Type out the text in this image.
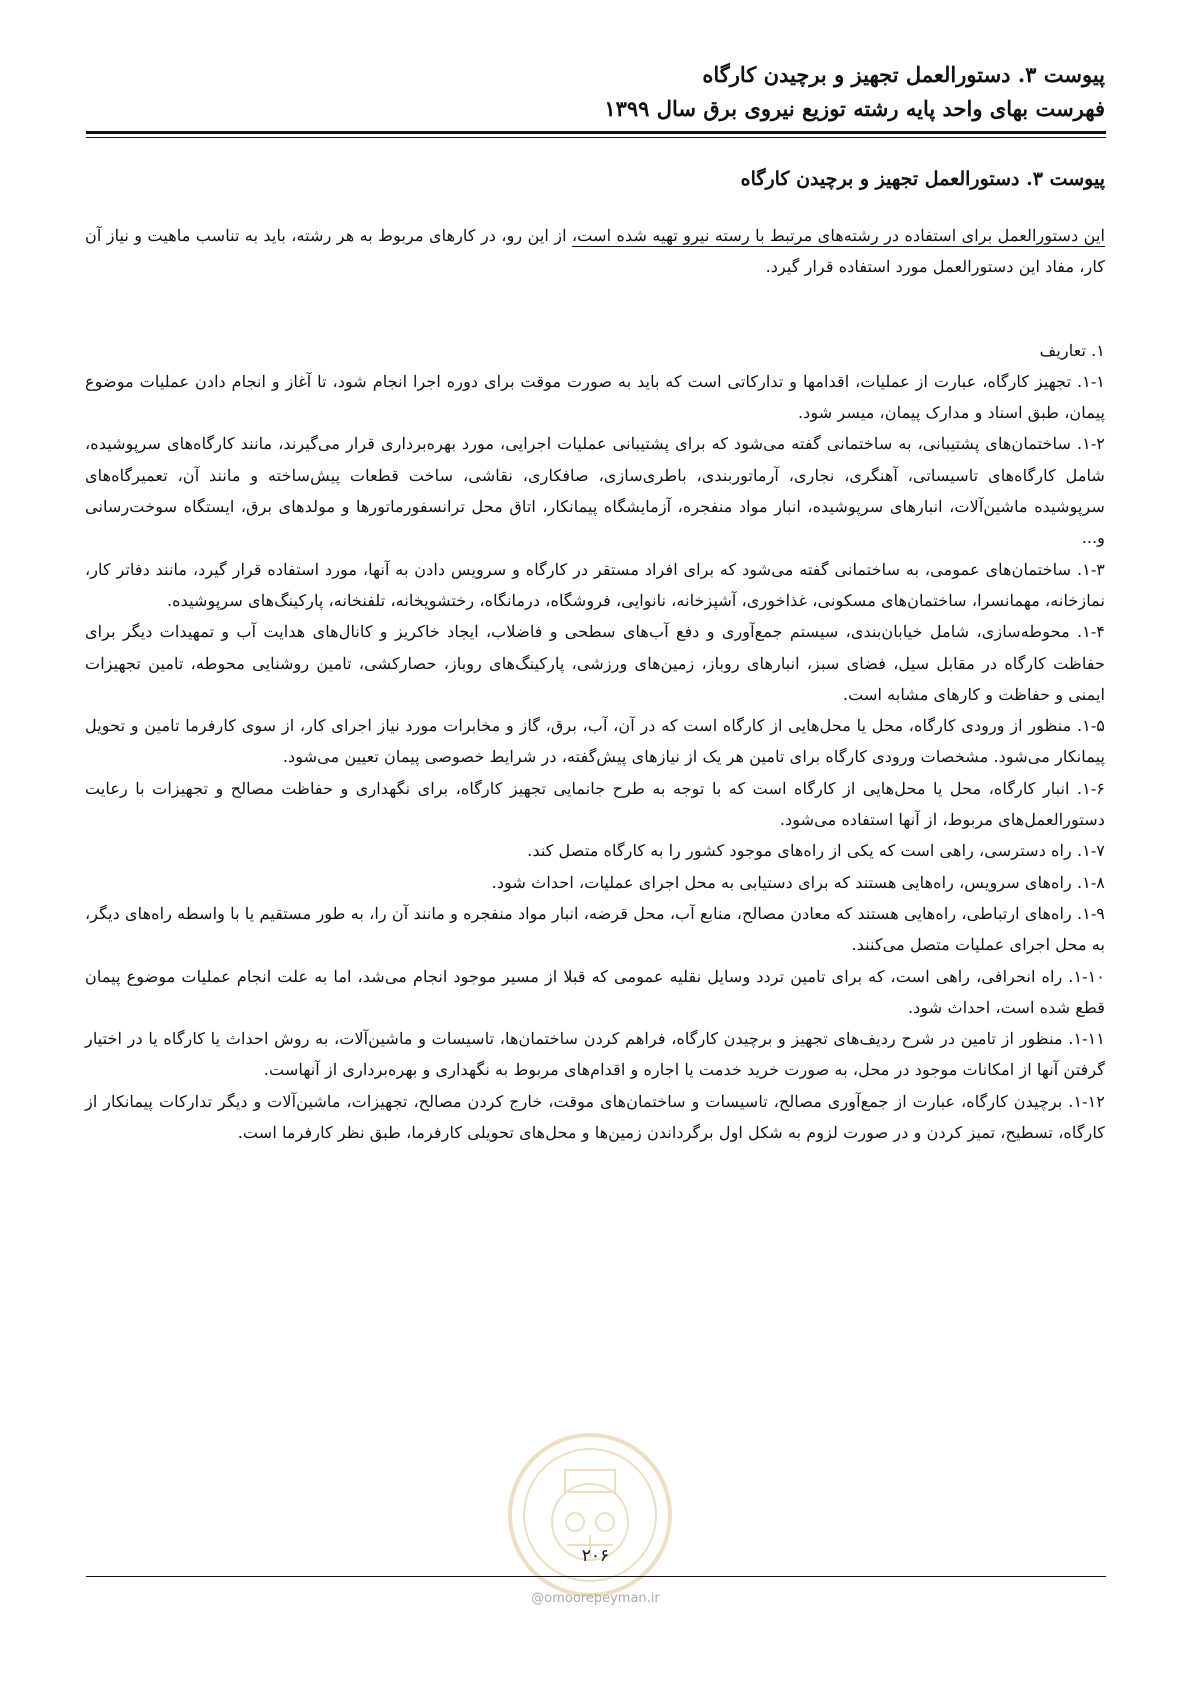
پیوست ۳. دستورالعمل تجهیز و برچیدن کارگاه
فهرست بهای واحد پایه رشته توزیع نیروی برق سال ۱۳۹۹
پیوست ۳. دستورالعمل تجهیز و برچیدن کارگاه

این دستورالعمل برای استفاده در رشته‌های مرتبط با رسته نیرو تهیه شده است، از این رو، در کارهای مربوط به هر رشته، باید به تناسب ماهیت و نیاز آن کار، مفاد این دستورالعمل مورد استفاده قرار گیرد.

۱. تعاریف

۱-۱. تجهیز کارگاه، عبارت از عملیات، اقدامها و تدارکاتی است که باید به صورت موقت برای دوره اجرا انجام شود، تا آغاز و انجام دادن عملیات موضوع پیمان، طبق اسناد و مدارک پیمان، میسر شود.

۱-۲. ساختمان‌های پشتیبانی، به ساختمانی گفته می‌شود که برای پشتیبانی عملیات اجرایی، مورد بهره‌برداری قرار می‌گیرند، مانند کارگاه‌های سرپوشیده، شامل کارگاه‌های تاسیساتی، آهنگری، نجاری، آرماتوربندی، باطری‌سازی، صافکاری، نقاشی، ساخت قطعات پیش‌ساخته و مانند آن، تعمیرگاه‌های سرپوشیده ماشین‌آلات، انبارهای سرپوشیده، انبار مواد منفجره، آزمایشگاه پیمانکار، اتاق محل ترانسفورماتورها و مولدهای برق، ایستگاه سوخت‌رسانی و...

۱-۳. ساختمان‌های عمومی، به ساختمانی گفته می‌شود که برای افراد مستقر در کارگاه و سرویس دادن به آنها، مورد استفاده قرار گیرد، مانند دفاتر کار، نمازخانه، مهمانسرا، ساختمان‌های مسکونی، غذاخوری، آشپزخانه، نانوایی، فروشگاه، درمانگاه، رختشویخانه، تلفنخانه، پارکینگ‌های سرپوشیده.

۱-۴. محوطه‌سازی، شامل خیابان‌بندی، سیستم جمع‌آوری و دفع آب‌های سطحی و فاضلاب، ایجاد خاکریز و کانال‌های هدایت آب و تمهیدات دیگر برای حفاظت کارگاه در مقابل سیل، فضای سبز، انبارهای روباز، زمین‌های ورزشی، پارکینگ‌های روباز، حصارکشی، تامین روشنایی محوطه، تامین تجهیزات ایمنی و حفاظت و کارهای مشابه است.

۱-۵. منظور از ورودی کارگاه، محل یا محل‌هایی از کارگاه است که در آن، آب، برق، گاز و مخابرات مورد نیاز اجرای کار، از سوی کارفرما تامین و تحویل پیمانکار می‌شود. مشخصات ورودی کارگاه برای تامین هر یک از نیازهای پیش‌گفته، در شرایط خصوصی پیمان تعیین می‌شود.

۱-۶. انبار کارگاه، محل یا محل‌هایی از کارگاه است که با توجه به طرح جانمایی تجهیز کارگاه، برای نگهداری و حفاظت مصالح و تجهیزات با رعایت دستورالعمل‌های مربوط، از آنها استفاده می‌شود.

۱-۷. راه دسترسی، راهی است که یکی از راه‌های موجود کشور را به کارگاه متصل کند.

۱-۸. راه‌های سرویس، راه‌هایی هستند که برای دستیابی به محل اجرای عملیات، احداث شود.

۱-۹. راه‌های ارتباطی، راه‌هایی هستند که معادن مصالح، منابع آب، محل قرضه، انبار مواد منفجره و مانند آن را، به طور مستقیم یا با واسطه راه‌های دیگر، به محل اجرای عملیات متصل می‌کنند.

۱-۱۰. راه انحرافی، راهی است، که برای تامین تردد وسایل نقلیه عمومی که قبلا از مسیر موجود انجام می‌شد، اما به علت انجام عملیات موضوع پیمان قطع شده است، احداث شود.

۱-۱۱. منظور از تامین در شرح ردیف‌های تجهیز و برچیدن کارگاه، فراهم کردن ساختمان‌ها، تاسیسات و ماشین‌آلات، به روش احداث یا کارگاه یا در اختیار گرفتن آنها از امکانات موجود در محل، به صورت خرید خدمت یا اجاره و اقدام‌های مربوط به نگهداری و بهره‌برداری از آنهاست.

۱-۱۲. برچیدن کارگاه، عبارت از جمع‌آوری مصالح، تاسیسات و ساختمان‌های موقت، خارج کردن مصالح، تجهیزات، ماشین‌آلات و دیگر تدارکات پیمانکار از کارگاه، تسطیح، تمیز کردن و در صورت لزوم به شکل اول برگرداندن زمین‌ها و محل‌های تحویلی کارفرما، طبق نظر کارفرما است.

۲۰۶
@omoorepeyman.ir
